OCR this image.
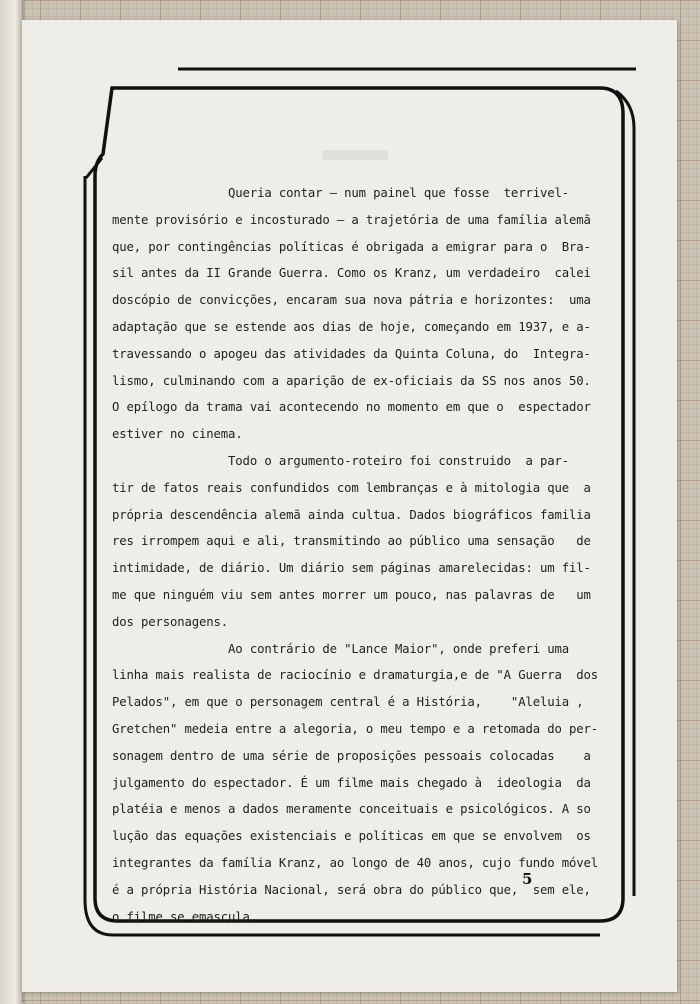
Queria contar — num painel que fosse  terrivel-
mente provisório e incosturado — a trajetória de uma família alemã
que, por contingências políticas é obrigada a emigrar para o  Bra-
sil antes da II Grande Guerra. Como os Kranz, um verdadeiro  calei
doscópio de convicções, encaram sua nova pátria e horizontes:  uma
adaptação que se estende aos dias de hoje, começando em 1937, e a-
travessando o apogeu das atividades da Quinta Coluna, do  Integra-
lismo, culminando com a aparição de ex-oficiais da SS nos anos 50.
O epílogo da trama vai acontecendo no momento em que o  espectador
estiver no cinema.
Todo o argumento-roteiro foi construido  a par-
tir de fatos reais confundidos com lembranças e à mitologia que  a
própria descendência alemã ainda cultua. Dados biográficos familia
res irrompem aqui e ali, transmitindo ao público uma sensação   de
intimidade, de diário. Um diário sem páginas amarelecidas: um fil-
me que ninguém viu sem antes morrer um pouco, nas palavras de   um
dos personagens.
Ao contrário de "Lance Maior", onde preferi uma
linha mais realista de raciocínio e dramaturgia,e de "A Guerra  dos
Pelados", em que o personagem central é a História,    "Aleluia ,
Gretchen" medeia entre a alegoria, o meu tempo e a retomada do per-
sonagem dentro de uma série de proposições pessoais colocadas    a
julgamento do espectador. É um filme mais chegado à  ideologia  da
platéia e menos a dados meramente conceituais e psicológicos. A so
lução das equações existenciais e políticas em que se envolvem  os
integrantes da família Kranz, ao longo de 40 anos, cujo fundo móvel
é a própria História Nacional, será obra do público que,  sem ele,
o filme se emascula.
5
